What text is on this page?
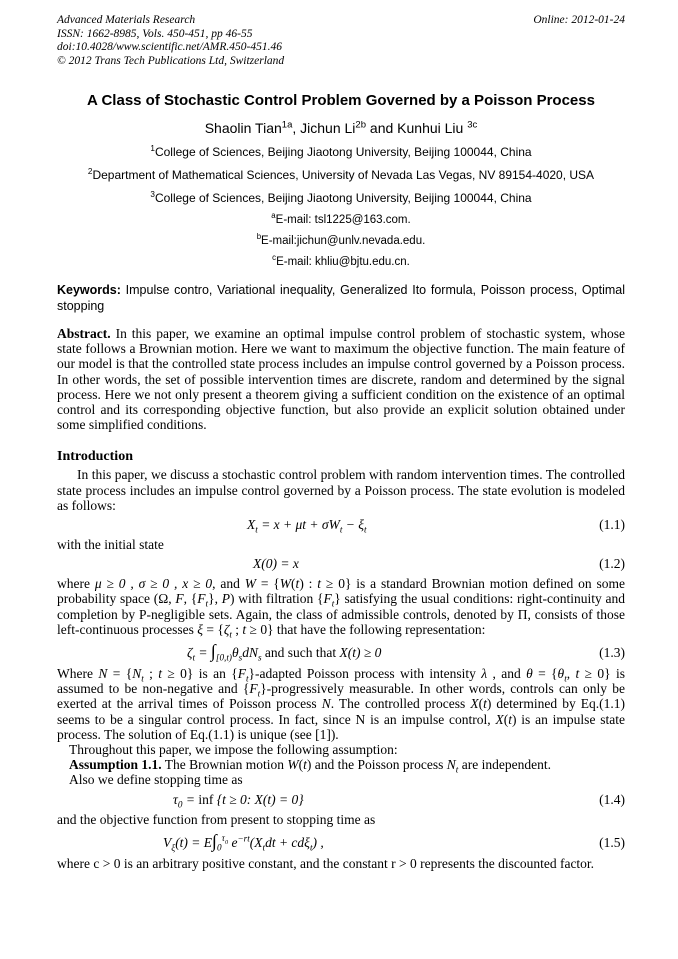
Advanced Materials Research
ISSN: 1662-8985, Vols. 450-451, pp 46-55
doi:10.4028/www.scientific.net/AMR.450-451.46
© 2012 Trans Tech Publications Ltd, Switzerland
Online: 2012-01-24
A Class of Stochastic Control Problem Governed by a Poisson Process

Shaolin Tian$^{1a}$, Jichun $Li^{2b}$ and Kunhui Liu $^{3c}$

$^1$College of Sciences, Beijing Jiaotong University, Beijing 100044, China

$^2$Department of Mathematical Sciences, University of Nevada Las Vegas, NV 89154-4020, USA

$^3$College of Sciences, Beijing Jiaotong University, Beijing 100044, China

$^a$E-mail: tsl1225@163.com.

$^b$E-mail:jichun@unlv.nevada.edu.

$^c$E-mail: khliu@bjtu.edu.cn.

Keywords: Impulse contro, Variational inequality, Generalized Ito formula, Poisson process, Optimal stopping

Abstract. In this paper, we examine an optimal impulse control problem of stochastic system, whose state follows a Brownian motion. Here we want to maximum the objective function. The main feature of our model is that the controlled state process includes an impulse control governed by a Poisson process. In other words, the set of possible intervention times are discrete, random and determined by the signal process. Here we not only present a theorem giving a sufficient condition on the existence of an optimal control and its corresponding objective function, but also provide an explicit solution obtained under some simplified conditions.

Introduction

In this paper, we discuss a stochastic control problem with random intervention times. The controlled state process includes an impulse control governed by a Poisson process. The state evolution is modeled as follows:

$X_t = x + \mu t + \sigma W_t - \xi_t$	(1.1)

with the initial state

X(0) = x	(1.2)

where μ ≥ 0 , σ ≥ 0 , x ≥ 0, and W = {W(t) : t ≥ 0} is a standard Brownian motion defined on some probability space (Ω, F, $\{F_t\}$, P) with filtration $\{F_t\}$ satisfying the usual conditions: right-continuity and completion by P-negligible sets. Again, the class of admissible controls, denoted by Π, consists of those left-continuous processes $\xi = \{\zeta_t$ ; t ≥ 0} that have the following representation:

$\zeta_t = \int_{[0,t)}\theta_sdN_s$ and such that X(t) ≥ 0	(1.3)

Where $N = \{N_t$ ; t ≥ 0} is an $\{F_t\}$-adapted Poisson process with intensity λ , and $\theta = \{\theta_t$, t ≥ 0} is assumed to be non-negative and $\{F_t\}$-progressively measurable. In other words, controls can only be exerted at the arrival times of Poisson process N. The controlled process X(t) determined by Eq.(1.1) seems to be a singular control process. In fact, since N is an impulse control, X(t) is an impulse state process. The solution of Eq.(1.1) is unique (see [1]).

Throughout this paper, we impose the following assumption:

Assumption 1.1. The Brownian motion W(t) and the Poisson process $N_t$ are independent.

Also we define stopping time as

$\tau_0$ = inf {t ≥ 0: X(t) = 0}	(1.4)

and the objective function from present to stopping time as

$V_\xi(t) = E\int_0^{\tau_0}$ $e^{-rt}(X_tdt + cd\xi_t)$ ,	(1.5)

where c > 0 is an arbitrary positive constant, and the constant r > 0 represents the discounted factor.
